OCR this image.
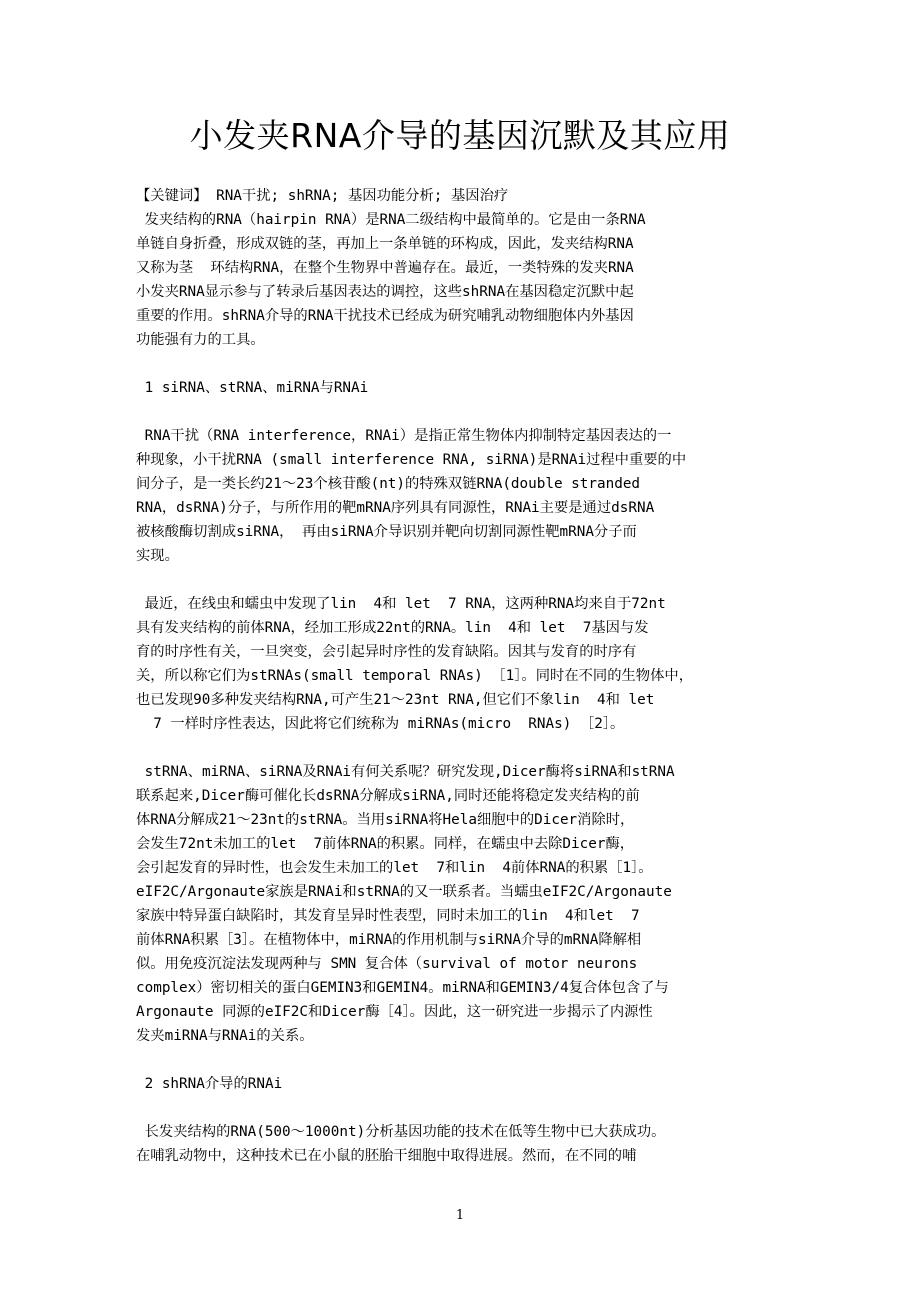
小发夹RNA介导的基因沉默及其应用

【关键词】 RNA干扰; shRNA; 基因功能分析; 基因治疗

发夹结构的RNA（hairpin RNA）是RNA二级结构中最简单的。它是由一条RNA

单链自身折叠，形成双链的茎，再加上一条单链的环构成，因此，发夹结构RNA

又称为茎  环结构RNA，在整个生物界中普遍存在。最近，一类特殊的发夹RNA

小发夹RNA显示参与了转录后基因表达的调控，这些shRNA在基因稳定沉默中起

重要的作用。shRNA介导的RNA干扰技术已经成为研究哺乳动物细胞体内外基因

功能强有力的工具。

1 siRNA、stRNA、miRNA与RNAi

RNA干扰（RNA interference，RNAi）是指正常生物体内抑制特定基因表达的一

种现象，小干扰RNA (small interference RNA, siRNA)是RNAi过程中重要的中

间分子，是一类长约21～23个核苷酸(nt)的特殊双链RNA(double stranded

RNA，dsRNA)分子，与所作用的靶mRNA序列具有同源性，RNAi主要是通过dsRNA

被核酸酶切割成siRNA， 再由siRNA介导识别并靶向切割同源性靶mRNA分子而

实现。

最近，在线虫和蠕虫中发现了lin  4和 let  7 RNA，这两种RNA均来自于72nt

具有发夹结构的前体RNA，经加工形成22nt的RNA。lin  4和 let  7基因与发

育的时序性有关，一旦突变，会引起异时序性的发育缺陷。因其与发育的时序有

关，所以称它们为stRNAs(small temporal RNAs) ［1］。同时在不同的生物体中，

也已发现90多种发夹结构RNA,可产生21～23nt RNA,但它们不象lin  4和 let

7 一样时序性表达，因此将它们统称为 miRNAs(micro  RNAs) ［2］。

stRNA、miRNA、siRNA及RNAi有何关系呢？研究发现,Dicer酶将siRNA和stRNA

联系起来,Dicer酶可催化长dsRNA分解成siRNA,同时还能将稳定发夹结构的前

体RNA分解成21～23nt的stRNA。当用siRNA将Hela细胞中的Dicer消除时，

会发生72nt未加工的let  7前体RNA的积累。同样，在蠕虫中去除Dicer酶，

会引起发育的异时性，也会发生未加工的let  7和lin  4前体RNA的积累［1］。

eIF2C/Argonaute家族是RNAi和stRNA的又一联系者。当蠕虫eIF2C/Argonaute

家族中特异蛋白缺陷时，其发育呈异时性表型，同时未加工的lin  4和let  7

前体RNA积累［3］。在植物体中，miRNA的作用机制与siRNA介导的mRNA降解相

似。用免疫沉淀法发现两种与 SMN 复合体（survival of motor neurons

complex）密切相关的蛋白GEMIN3和GEMIN4。miRNA和GEMIN3/4复合体包含了与

Argonaute 同源的eIF2C和Dicer酶［4］。因此，这一研究进一步揭示了内源性

发夹miRNA与RNAi的关系。

2 shRNA介导的RNAi

长发夹结构的RNA(500～1000nt)分析基因功能的技术在低等生物中已大获成功。

在哺乳动物中，这种技术已在小鼠的胚胎干细胞中取得进展。然而，在不同的哺

1
